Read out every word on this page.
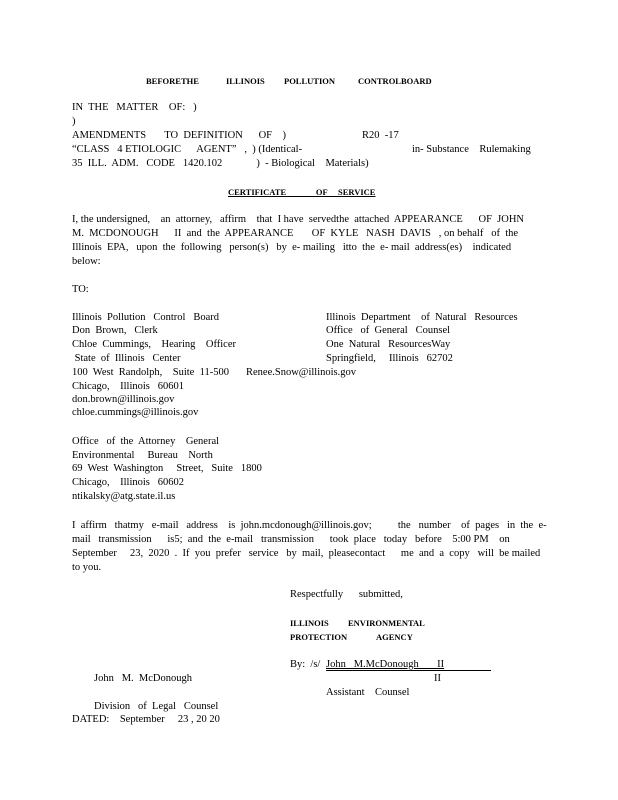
BEFORETHE	ILLINOIS POLLUTION	CONTROLBOARD
IN  THE   MATTER    OF:   )
)
AMENDMENTS       TO  DEFINITION      OF    )	R20  -17
“CLASS   4 ETIOLOGIC      AGENT”   ,  ) (Identical-	in- Substance    Rulemaking
35  ILL.  ADM.   CODE   1420.102             )  - Biological    Materials)
CERTIFICATE              OF     SERVICE
I, the undersigned,    an  attorney,   affirm    that  I have  servedthe  attached  APPEARANCE      OF  JOHN
M.  MCDONOUGH      II  and  the  APPEARANCE       OF  KYLE   NASH  DAVIS   , on behalf   of  the
Illinois  EPA,   upon  the  following   person(s)   by  e- mailing   itto  the  e- mail  address(es)    indicated
below:
TO:
Illinois  Pollution   Control   Board
Don  Brown,   Clerk
Chloe  Cummings,    Hearing    Officer
State  of  Illinois   Center
100  West  Randolph,    Suite  11-500
Chicago,    Illinois   60601
don.brown@illinois.gov
chloe.cummings@illinois.gov
Illinois  Department    of  Natural   Resources
Office   of  General   Counsel
One  Natural   ResourcesWay
Springfield,     Illinois   62702
Renee.Snow@illinois.gov
Office   of  the  Attorney    General
Environmental     Bureau    North
69  West  Washington     Street,   Suite   1800
Chicago,    Illinois   60602
ntikalsky@atg.state.il.us
I  affirm   thatmy   e-mail   address    is  john.mcdonough@illinois.gov;          the   number    of  pages   in  the  e-
mail   transmission      is5;  and  the  e-mail   transmission      took  place   today   before    5:00 PM    on
September     23,  2020  .  If  you  prefer   service   by  mail,  pleasecontact      me  and  a  copy   will  be mailed
to you.
Respectfully      submitted,
ILLINOIS ENVIRONMENTAL
PROTECTION	AGENCY
By:  /s/ John   M.McDonough       II
II
Assistant    Counsel
John   M.  McDonough
Division   of  Legal   Counsel
DATED:    September     23 , 20 20
